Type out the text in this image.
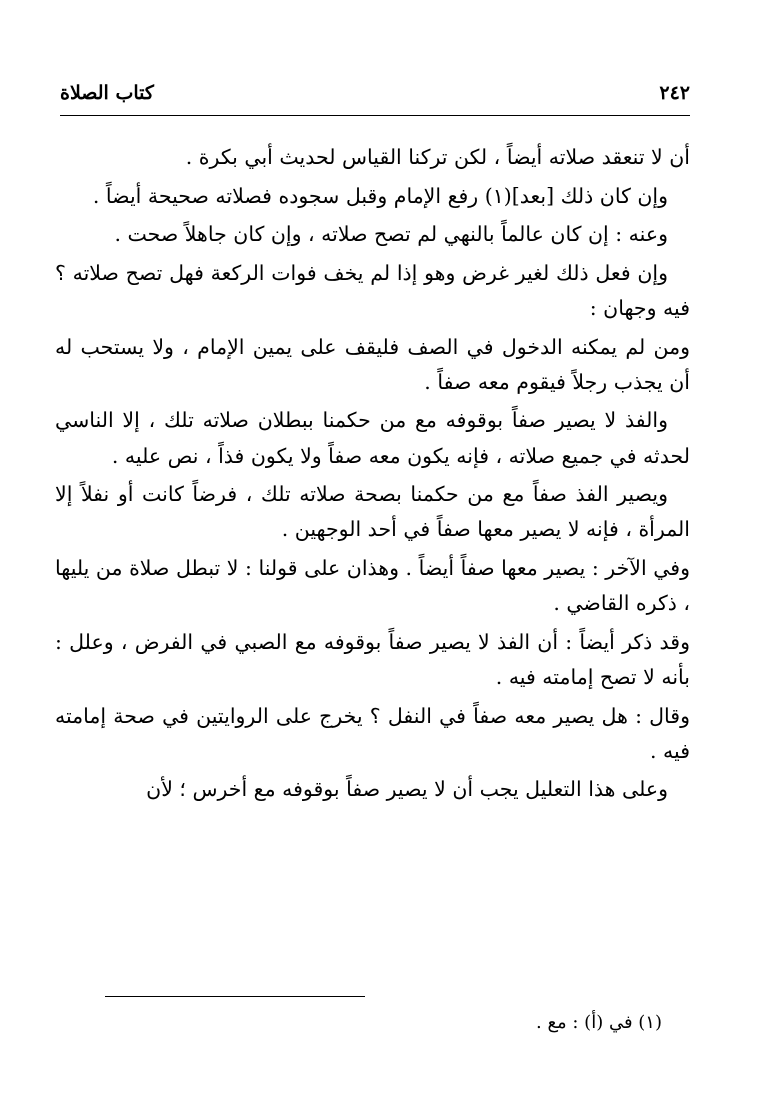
٢٤٢
كتاب الصلاة

أن لا تنعقد صلاته أيضاً ، لكن تركنا القياس لحديث أبي بكرة .

وإن كان ذلك [بعد](١) رفع الإمام وقبل سجوده فصلاته صحيحة أيضاً .

وعنه : إن كان عالماً بالنهي لم تصح صلاته ، وإن كان جاهلاً صحت .

وإن فعل ذلك لغير غرض وهو إذا لم يخف فوات الركعة فهل تصح صلاته ؟ فيه وجهان :

ومن لم يمكنه الدخول في الصف فليقف على يمين الإمام ، ولا يستحب له أن يجذب رجلاً فيقوم معه صفاً .

والفذ لا يصير صفاً بوقوفه مع من حكمنا ببطلان صلاته تلك ، إلا الناسي لحدثه في جميع صلاته ، فإنه يكون معه صفاً ولا يكون فذاً ، نص عليه .

ويصير الفذ صفاً مع من حكمنا بصحة صلاته تلك ، فرضاً كانت أو نفلاً إلا المرأة ، فإنه لا يصير معها صفاً في أحد الوجهين .

وفي الآخر : يصير معها صفاً أيضاً . وهذان على قولنا : لا تبطل صلاة من يليها ، ذكره القاضي .

وقد ذكر أيضاً : أن الفذ لا يصير صفاً بوقوفه مع الصبي في الفرض ، وعلل : بأنه لا تصح إمامته فيه .

وقال : هل يصير معه صفاً في النفل ؟ يخرج على الروايتين في صحة إمامته فيه .

وعلى هذا التعليل يجب أن لا يصير صفاً بوقوفه مع أخرس ؛ لأن

(١) في (أ) : مع .
